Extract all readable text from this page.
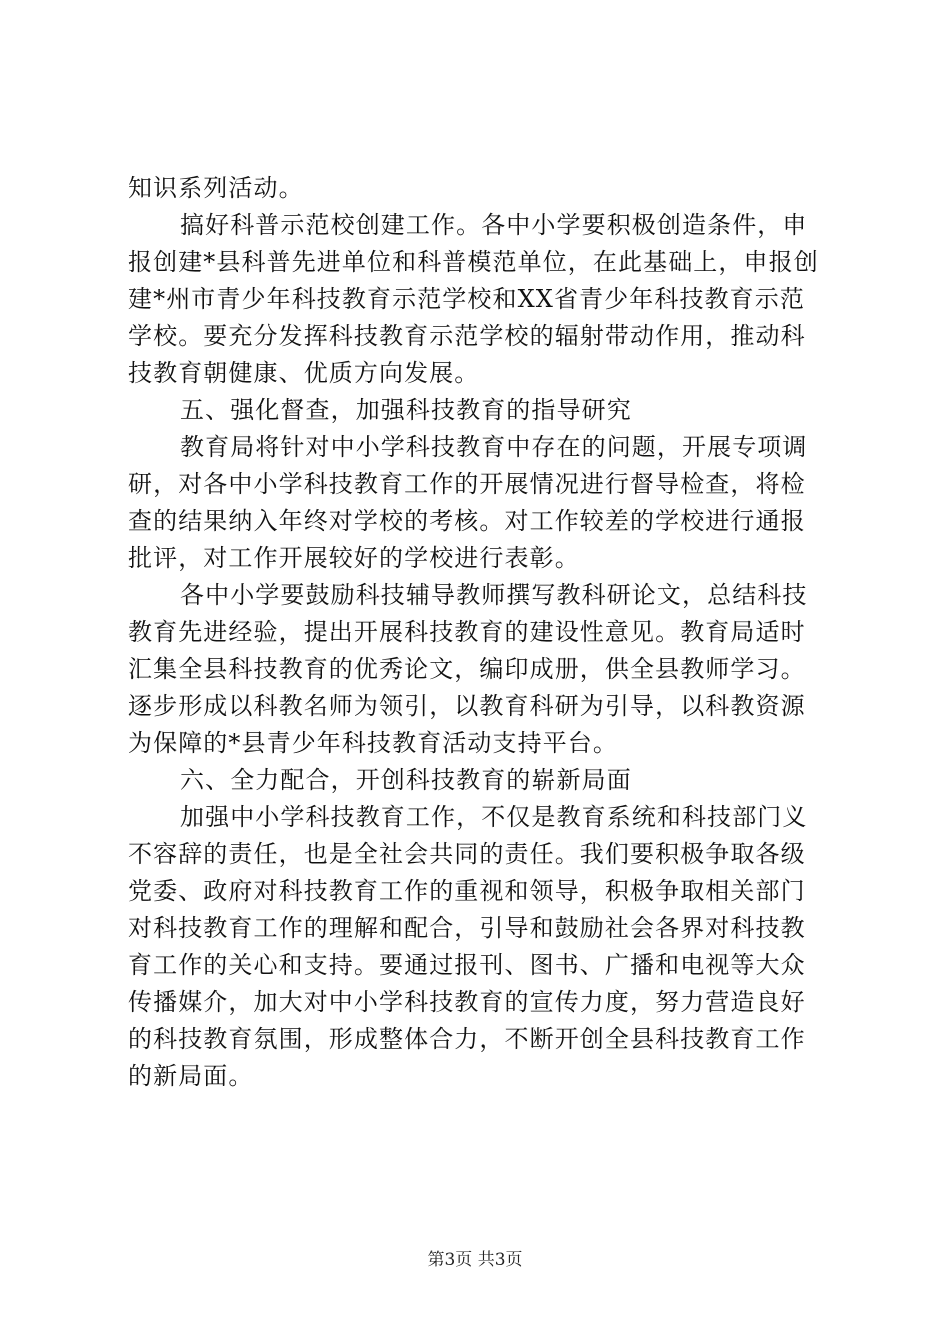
知识系列活动。
搞好科普示范校创建工作。各中小学要积极创造条件，申
报创建*县科普先进单位和科普模范单位，在此基础上，申报创
建*州市青少年科技教育示范学校和XX省青少年科技教育示范
学校。要充分发挥科技教育示范学校的辐射带动作用，推动科
技教育朝健康、优质方向发展。
五、强化督查，加强科技教育的指导研究
教育局将针对中小学科技教育中存在的问题，开展专项调
研，对各中小学科技教育工作的开展情况进行督导检查，将检
查的结果纳入年终对学校的考核。对工作较差的学校进行通报
批评，对工作开展较好的学校进行表彰。
各中小学要鼓励科技辅导教师撰写教科研论文，总结科技
教育先进经验，提出开展科技教育的建设性意见。教育局适时
汇集全县科技教育的优秀论文，编印成册，供全县教师学习。
逐步形成以科教名师为领引，以教育科研为引导，以科教资源
为保障的*县青少年科技教育活动支持平台。
六、全力配合，开创科技教育的崭新局面
加强中小学科技教育工作，不仅是教育系统和科技部门义
不容辞的责任，也是全社会共同的责任。我们要积极争取各级
党委、政府对科技教育工作的重视和领导，积极争取相关部门
对科技教育工作的理解和配合，引导和鼓励社会各界对科技教
育工作的关心和支持。要通过报刊、图书、广播和电视等大众
传播媒介，加大对中小学科技教育的宣传力度，努力营造良好
的科技教育氛围，形成整体合力，不断开创全县科技教育工作
的新局面。
第3页 共3页
